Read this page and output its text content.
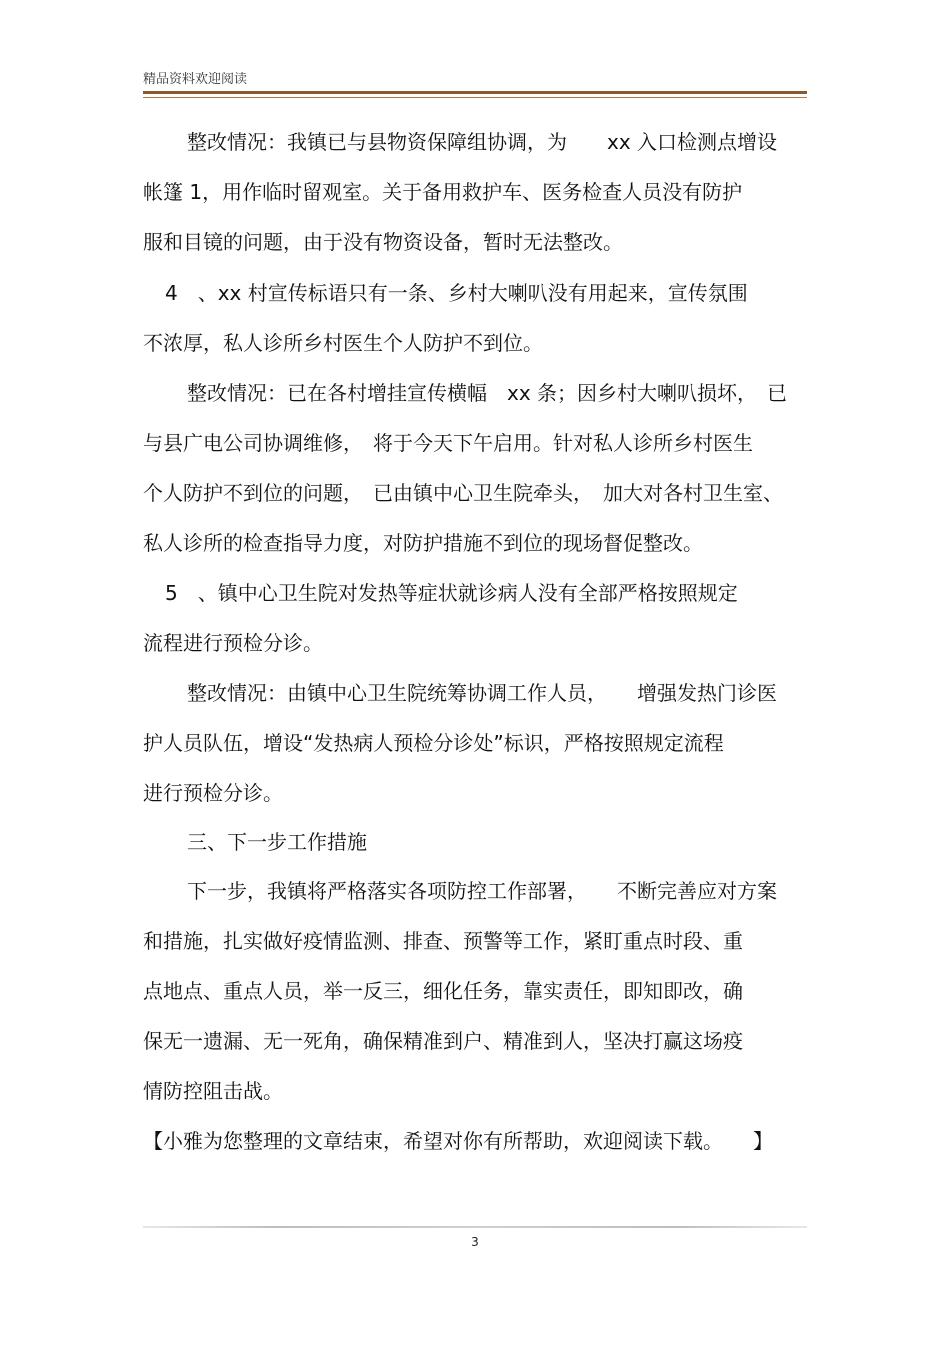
精品资料欢迎阅读
整改情况：我镇已与县物资保障组协调，为　　xx 入口检测点增设
帐篷 1，用作临时留观室。关于备用救护车、医务检查人员没有防护
服和目镜的问题，由于没有物资设备，暂时无法整改。
4　、xx 村宣传标语只有一条、乡村大喇叭没有用起来，宣传氛围
不浓厚，私人诊所乡村医生个人防护不到位。
整改情况：已在各村增挂宣传横幅　xx 条；因乡村大喇叭损坏，　已
与县广电公司协调维修，　将于今天下午启用。针对私人诊所乡村医生
个人防护不到位的问题，　已由镇中心卫生院牵头，　加大对各村卫生室、
私人诊所的检查指导力度，对防护措施不到位的现场督促整改。
5　、镇中心卫生院对发热等症状就诊病人没有全部严格按照规定
流程进行预检分诊。
整改情况：由镇中心卫生院统筹协调工作人员，　　增强发热门诊医
护人员队伍，增设“发热病人预检分诊处”标识，严格按照规定流程
进行预检分诊。
三、下一步工作措施
下一步，我镇将严格落实各项防控工作部署，　　不断完善应对方案
和措施，扎实做好疫情监测、排查、预警等工作，紧盯重点时段、重
点地点、重点人员，举一反三，细化任务，靠实责任，即知即改，确
保无一遗漏、无一死角，确保精准到户、精准到人，坚决打赢这场疫
情防控阻击战。
【小雅为您整理的文章结束，希望对你有所帮助，欢迎阅读下载。　　】
3
